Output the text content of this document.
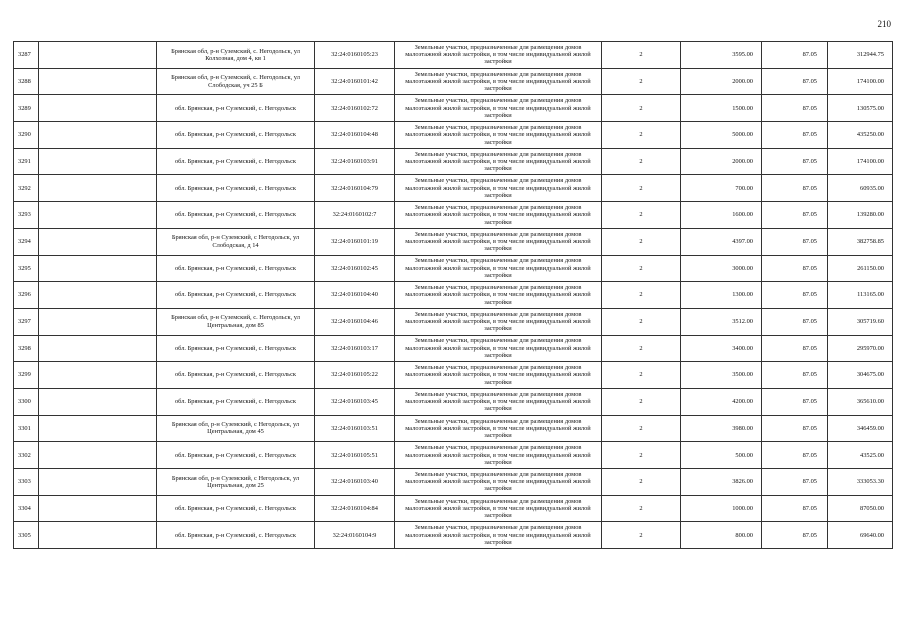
210
3287		Брянская обл, р-н Суземский, с. Негодольск, ул Колхозная, дом 4, кв 1	32:24:0160105:23	Земельные участки, предназначенные для размещения домов малоэтажной жилой застройки, в том числе индивидуальной жилой застройки	2	3595.00	87.05	312944.75
3288		Брянская обл, р-н Суземский, с. Негодольск, ул Слободская, уч 25 Б	32:24:0160101:42	Земельные участки, предназначенные для размещения домов малоэтажной жилой застройки, в том числе индивидуальной жилой застройки	2	2000.00	87.05	174100.00
3289		обл. Брянская, р-н Суземский, с. Негодольск	32:24:0160102:72	Земельные участки, предназначенные для размещения домов малоэтажной жилой застройки, в том числе индивидуальной жилой застройки	2	1500.00	87.05	130575.00
3290		обл. Брянская, р-н Суземский, с. Негодольск	32:24:0160104:48	Земельные участки, предназначенные для размещения домов малоэтажной жилой застройки, в том числе индивидуальной жилой застройки	2	5000.00	87.05	435250.00
3291		обл. Брянская, р-н Суземский, с. Негодольск	32:24:0160103:91	Земельные участки, предназначенные для размещения домов малоэтажной жилой застройки, в том числе индивидуальной жилой застройки	2	2000.00	87.05	174100.00
3292		обл. Брянская, р-н Суземский, с. Негодольск	32:24:0160104:79	Земельные участки, предназначенные для размещения домов малоэтажной жилой застройки, в том числе индивидуальной жилой застройки	2	700.00	87.05	60935.00
3293		обл. Брянская, р-н Суземский, с. Негодольск	32:24:0160102:7	Земельные участки, предназначенные для размещения домов малоэтажной жилой застройки, в том числе индивидуальной жилой застройки	2	1600.00	87.05	139280.00
3294		Брянская обл, р-н Суземский, с Негодольск, ул Слободская, д 14	32:24:0160101:19	Земельные участки, предназначенные для размещения домов малоэтажной жилой застройки, в том числе индивидуальной жилой застройки	2	4397.00	87.05	382758.85
3295		обл. Брянская, р-н Суземский, с. Негодольск	32:24:0160102:45	Земельные участки, предназначенные для размещения домов малоэтажной жилой застройки, в том числе индивидуальной жилой застройки	2	3000.00	87.05	261150.00
3296		обл. Брянская, р-н Суземский, с. Негодольск	32:24:0160104:40	Земельные участки, предназначенные для размещения домов малоэтажной жилой застройки, в том числе индивидуальной жилой застройки	2	1300.00	87.05	113165.00
3297		Брянская обл, р-н Суземский, с. Негодольск, ул Центральная, дом 85	32:24:0160104:46	Земельные участки, предназначенные для размещения домов малоэтажной жилой застройки, в том числе индивидуальной жилой застройки	2	3512.00	87.05	305719.60
3298		обл. Брянская, р-н Суземский, с. Негодольск	32:24:0160103:17	Земельные участки, предназначенные для размещения домов малоэтажной жилой застройки, в том числе индивидуальной жилой застройки	2	3400.00	87.05	295970.00
3299		обл. Брянская, р-н Суземский, с. Негодольск	32:24:0160105:22	Земельные участки, предназначенные для размещения домов малоэтажной жилой застройки, в том числе индивидуальной жилой застройки	2	3500.00	87.05	304675.00
3300		обл. Брянская, р-н Суземский, с. Негодольск	32:24:0160103:45	Земельные участки, предназначенные для размещения домов малоэтажной жилой застройки, в том числе индивидуальной жилой застройки	2	4200.00	87.05	365610.00
3301		Брянская обл, р-н Суземский, с Негодольск, ул Центральная, дом 45	32:24:0160103:51	Земельные участки, предназначенные для размещения домов малоэтажной жилой застройки, в том числе индивидуальной жилой застройки	2	3980.00	87.05	346459.00
3302		обл. Брянская, р-н Суземский, с. Негодольск	32:24:0160105:51	Земельные участки, предназначенные для размещения домов малоэтажной жилой застройки, в том числе индивидуальной жилой застройки	2	500.00	87.05	43525.00
3303		Брянская обл, р-н Суземский, с Негодольск, ул Центральная, дом 25	32:24:0160103:40	Земельные участки, предназначенные для размещения домов малоэтажной жилой застройки, в том числе индивидуальной жилой застройки	2	3826.00	87.05	333053.30
3304		обл. Брянская, р-н Суземский, с. Негодольск	32:24:0160104:84	Земельные участки, предназначенные для размещения домов малоэтажной жилой застройки, в том числе индивидуальной жилой застройки	2	1000.00	87.05	87050.00
3305		обл. Брянская, р-н Суземский, с. Негодольск	32:24:0160104:9	Земельные участки, предназначенные для размещения домов малоэтажной жилой застройки, в том числе индивидуальной жилой застройки	2	800.00	87.05	69640.00
